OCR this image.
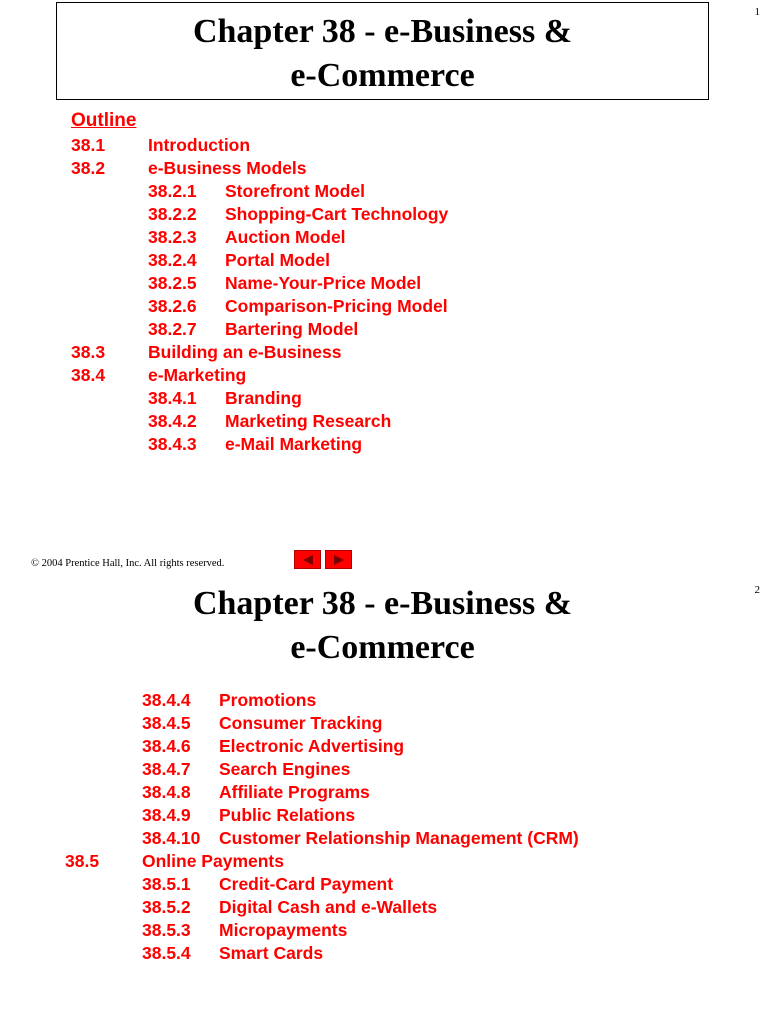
1
Chapter 38 - e-Business &
e-Commerce
Outline
38.1 Introduction
38.2 e-Business Models
38.2.1 Storefront Model
38.2.2 Shopping-Cart Technology
38.2.3 Auction Model
38.2.4 Portal Model
38.2.5 Name-Your-Price Model
38.2.6 Comparison-Pricing Model
38.2.7 Bartering Model
38.3 Building an e-Business
38.4 e-Marketing
38.4.1 Branding
38.4.2 Marketing Research
38.4.3 e-Mail Marketing
© 2004 Prentice Hall, Inc. All rights reserved.
2
Chapter 38 - e-Business &
e-Commerce
38.4.4 Promotions
38.4.5 Consumer Tracking
38.4.6 Electronic Advertising
38.4.7 Search Engines
38.4.8 Affiliate Programs
38.4.9 Public Relations
38.4.10 Customer Relationship Management (CRM)
38.5 Online Payments
38.5.1 Credit-Card Payment
38.5.2 Digital Cash and e-Wallets
38.5.3 Micropayments
38.5.4 Smart Cards
